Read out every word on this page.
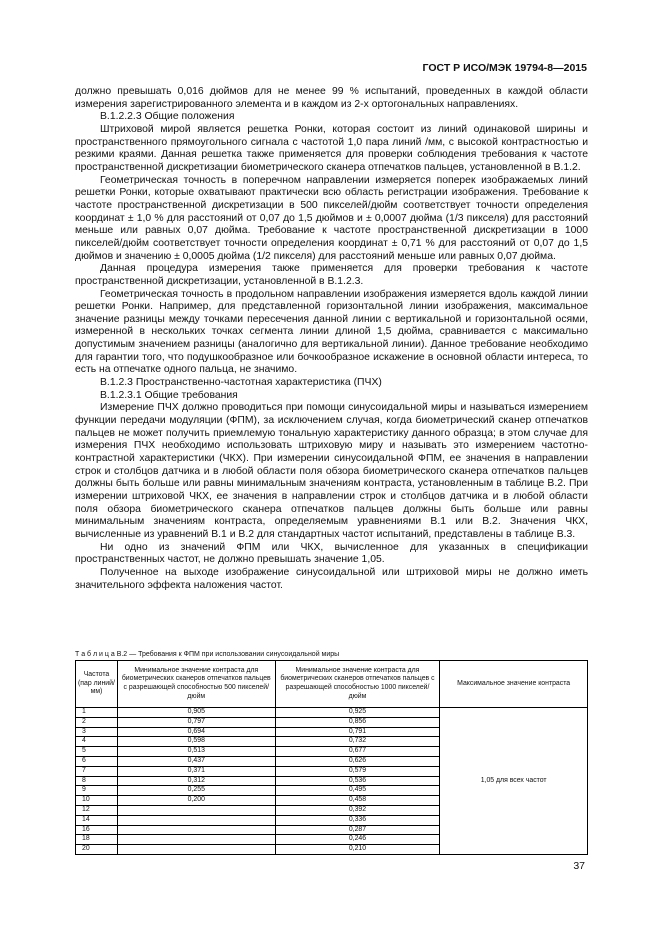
ГОСТ Р ИСО/МЭК 19794-8—2015

должно превышать 0,016 дюймов для не менее 99 % испытаний, проведенных в каждой области измерения зарегистрированного элемента и в каждом из 2-х ортогональных направлениях.

В.1.2.2.3 Общие положения

Штриховой мирой является решетка Ронки, которая состоит из линий одинаковой ширины и пространственного прямоугольного сигнала с частотой 1,0 пара линий /мм, с высокой контрастностью и резкими краями. Данная решетка также применяется для проверки соблюдения требования к частоте пространственной дискретизации биометрического сканера отпечатков пальцев, установленной в В.1.2.

Геометрическая точность в поперечном направлении измеряется поперек изображаемых линий решетки Ронки, которые охватывают практически всю область регистрации изображения. Требование к частоте пространственной дискретизации в 500 пикселей/дюйм соответствует точности определения координат ± 1,0 % для расстояний от 0,07 до 1,5 дюймов и ± 0,0007 дюйма (1/3 пикселя) для расстояний меньше или равных 0,07 дюйма. Требование к частоте пространственной дискретизации в 1000 пикселей/дюйм соответствует точности определения координат ± 0,71 % для расстояний от 0,07 до 1,5 дюймов и значению ± 0,0005 дюйма (1/2 пикселя) для расстояний меньше или равных 0,07 дюйма.

Данная процедура измерения также применяется для проверки требования к частоте пространственной дискретизации, установленной в В.1.2.3.

Геометрическая точность в продольном направлении изображения измеряется вдоль каждой линии решетки Ронки. Например, для представленной горизонтальной линии изображения, максимальное значение разницы между точками пересечения данной линии с вертикальной и горизонтальной осями, измеренной в нескольких точках сегмента линии длиной 1,5 дюйма, сравнивается с максимально допустимым значением разницы (аналогично для вертикальной линии). Данное требование необходимо для гарантии того, что подушкообразное или бочкообразное искажение в основной области интереса, то есть на отпечатке одного пальца, не значимо.

В.1.2.3 Пространственно-частотная характеристика (ПЧХ)

В.1.2.3.1 Общие требования

Измерение ПЧХ должно проводиться при помощи синусоидальной миры и называться измерением функции передачи модуляции (ФПМ), за исключением случая, когда биометрический сканер отпечатков пальцев не может получить приемлемую тональную характеристику данного образца; в этом случае для измерения ПЧХ необходимо использовать штриховую миру и называть это измерением частотно-контрастной характеристики (ЧКХ). При измерении синусоидальной ФПМ, ее значения в направлении строк и столбцов датчика и в любой области поля обзора биометрического сканера отпечатков пальцев должны быть больше или равны минимальным значениям контраста, установленным в таблице В.2. При измерении штриховой ЧКХ, ее значения в направлении строк и столбцов датчика и в любой области поля обзора биометрического сканера отпечатков пальцев должны быть больше или равны минимальным значениям контраста, определяемым уравнениями В.1 или В.2. Значения ЧКХ, вычисленные из уравнений В.1 и В.2 для стандартных частот испытаний, представлены в таблице В.3.

Ни одно из значений ФПМ или ЧКХ, вычисленное для указанных в спецификации пространственных частот, не должно превышать значение 1,05.

Полученное на выходе изображение синусоидальной или штриховой миры не должно иметь значительного эффекта наложения частот.

Т а б л и ц а В.2 — Требования к ФПМ при использовании синусоидальной миры
Частота (пар линий/мм)	Минимальное значение контраста для биометрических сканеров отпечатков пальцев с разрешающей способностью 500 пикселей/дюйм	Минимальное значение контраста для биометрических сканеров отпечатков пальцев с разрешающей способностью 1000 пикселей/дюйм	Максимальное значение контраста
1	0,905	0,925	1,05 для всех частот
2	0,797	0,856	
3	0,694	0,791	
4	0,598	0,732	
5	0,513	0,677	
6	0,437	0,626	
7	0,371	0,579	
8	0,312	0,536	
9	0,255	0,495	
10	0,200	0,458	
12		0,392	
14		0,336	
16		0,287	
18		0,246	
20		0,210	
37
